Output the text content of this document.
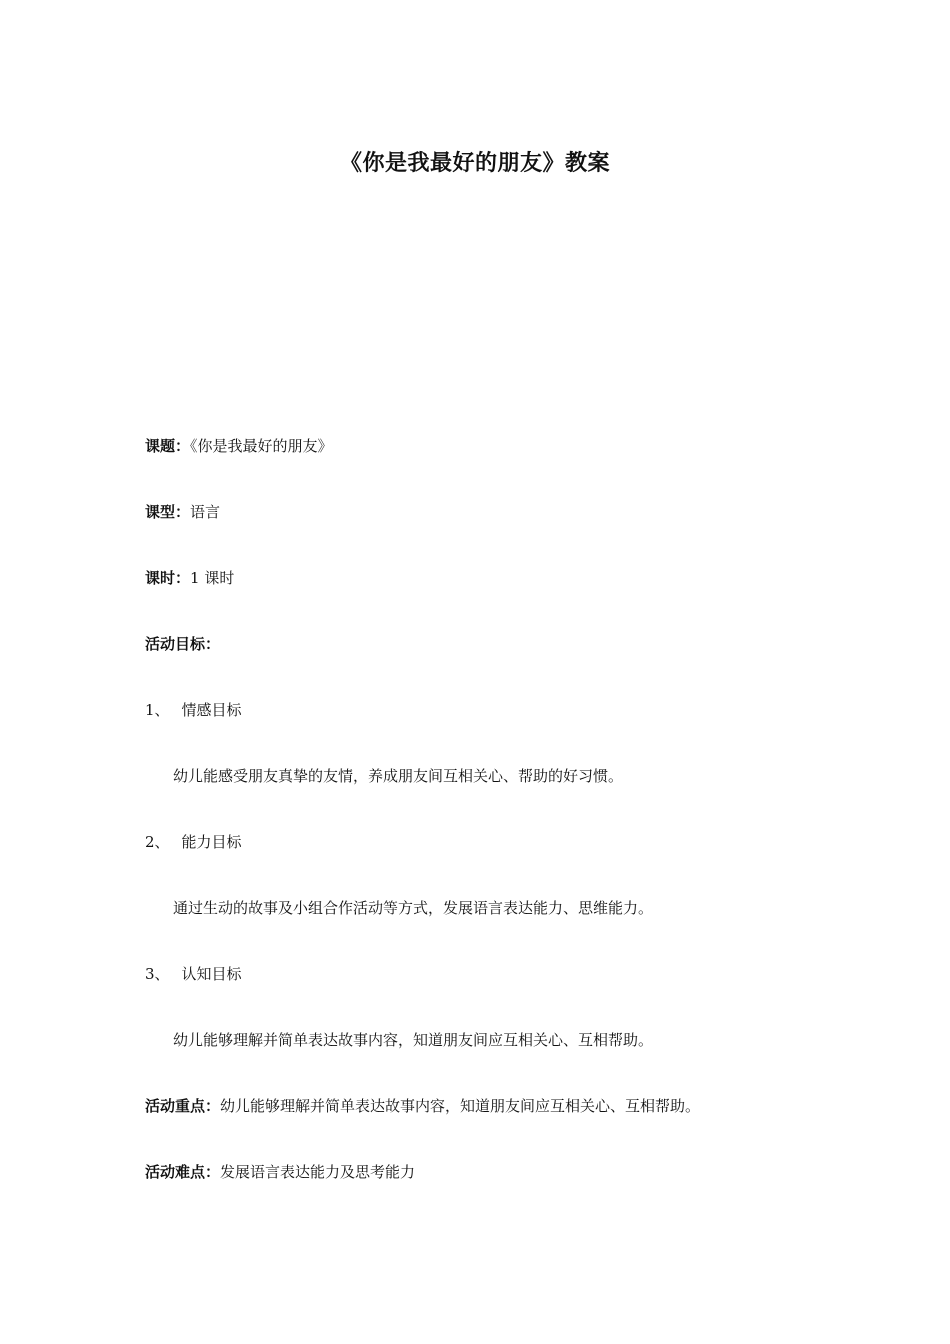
《你是我最好的朋友》教案
课题：《你是我最好的朋友》
课型：语言
课时：1 课时
活动目标：
1、 情感目标
幼儿能感受朋友真挚的友情，养成朋友间互相关心、帮助的好习惯。
2、 能力目标
通过生动的故事及小组合作活动等方式，发展语言表达能力、思维能力。
3、 认知目标
幼儿能够理解并简单表达故事内容，知道朋友间应互相关心、互相帮助。
活动重点：幼儿能够理解并简单表达故事内容，知道朋友间应互相关心、互相帮助。
活动难点：发展语言表达能力及思考能力
